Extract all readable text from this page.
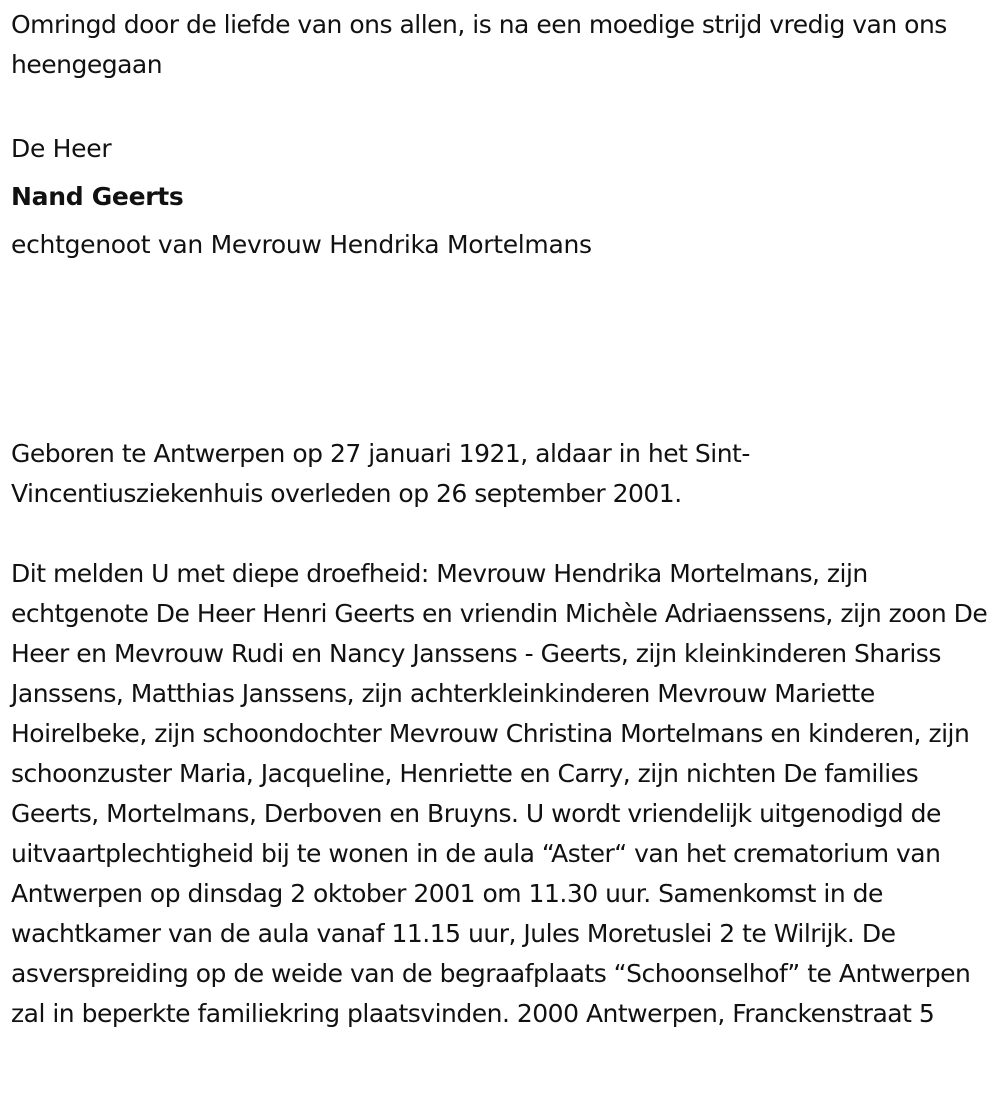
Omringd door de liefde van ons allen, is na een moedige strijd vredig van ons heengegaan

De Heer

Nand Geerts

echtgenoot van Mevrouw Hendrika Mortelmans

Geboren te Antwerpen op 27 januari 1921, aldaar in het Sint-Vincentiusziekenhuis overleden op 26 september 2001.

Dit melden U met diepe droefheid: Mevrouw Hendrika Mortelmans, zijn echtgenote De Heer Henri Geerts en vriendin Michèle Adriaenssens, zijn zoon De Heer en Mevrouw Rudi en Nancy Janssens - Geerts, zijn kleinkinderen Shariss Janssens, Matthias Janssens, zijn achterkleinkinderen Mevrouw Mariette Hoirelbeke, zijn schoondochter Mevrouw Christina Mortelmans en kinderen, zijn schoonzuster Maria, Jacqueline, Henriette en Carry, zijn nichten De families Geerts, Mortelmans, Derboven en Bruyns. U wordt vriendelijk uitgenodigd de uitvaartplechtigheid bij te wonen in de aula “Aster“ van het crematorium van Antwerpen op dinsdag 2 oktober 2001 om 11.30 uur. Samenkomst in de wachtkamer van de aula vanaf 11.15 uur, Jules Moretuslei 2 te Wilrijk. De asverspreiding op de weide van de begraafplaats “Schoonselhof” te Antwerpen zal in beperkte familiekring plaatsvinden. 2000 Antwerpen, Franckenstraat 5
